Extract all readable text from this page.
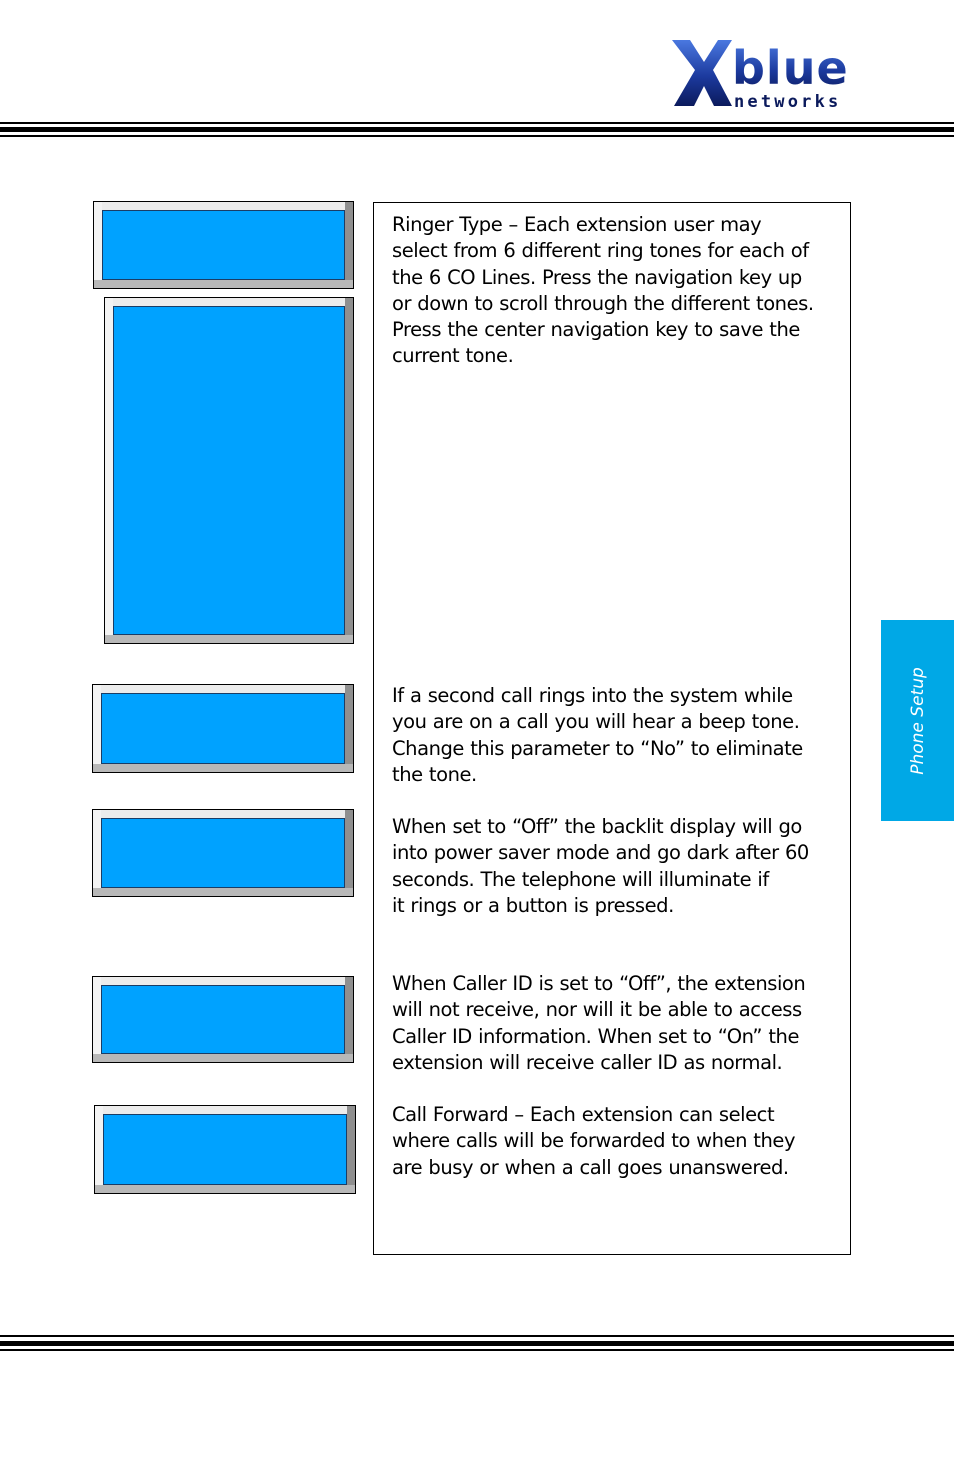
blue
networks
Phone Setup

Ringer Type – Each extension user may
select from 6 different ring tones for each of
the 6 CO Lines. Press the navigation key up
or down to scroll through the different tones.
Press the center navigation key to save the
current tone.

If a second call rings into the system while
you are on a call you will hear a beep tone.
Change this parameter to “No” to eliminate
the tone.

When set to “Off” the backlit display will go
into power saver mode and go dark after 60
seconds. The telephone will illuminate if
it rings or a button is pressed.

When Caller ID is set to “Off”, the extension
will not receive, nor will it be able to access
Caller ID information. When set to “On” the
extension will receive caller ID as normal.

Call Forward – Each extension can select
where calls will be forwarded to when they
are busy or when a call goes unanswered.
